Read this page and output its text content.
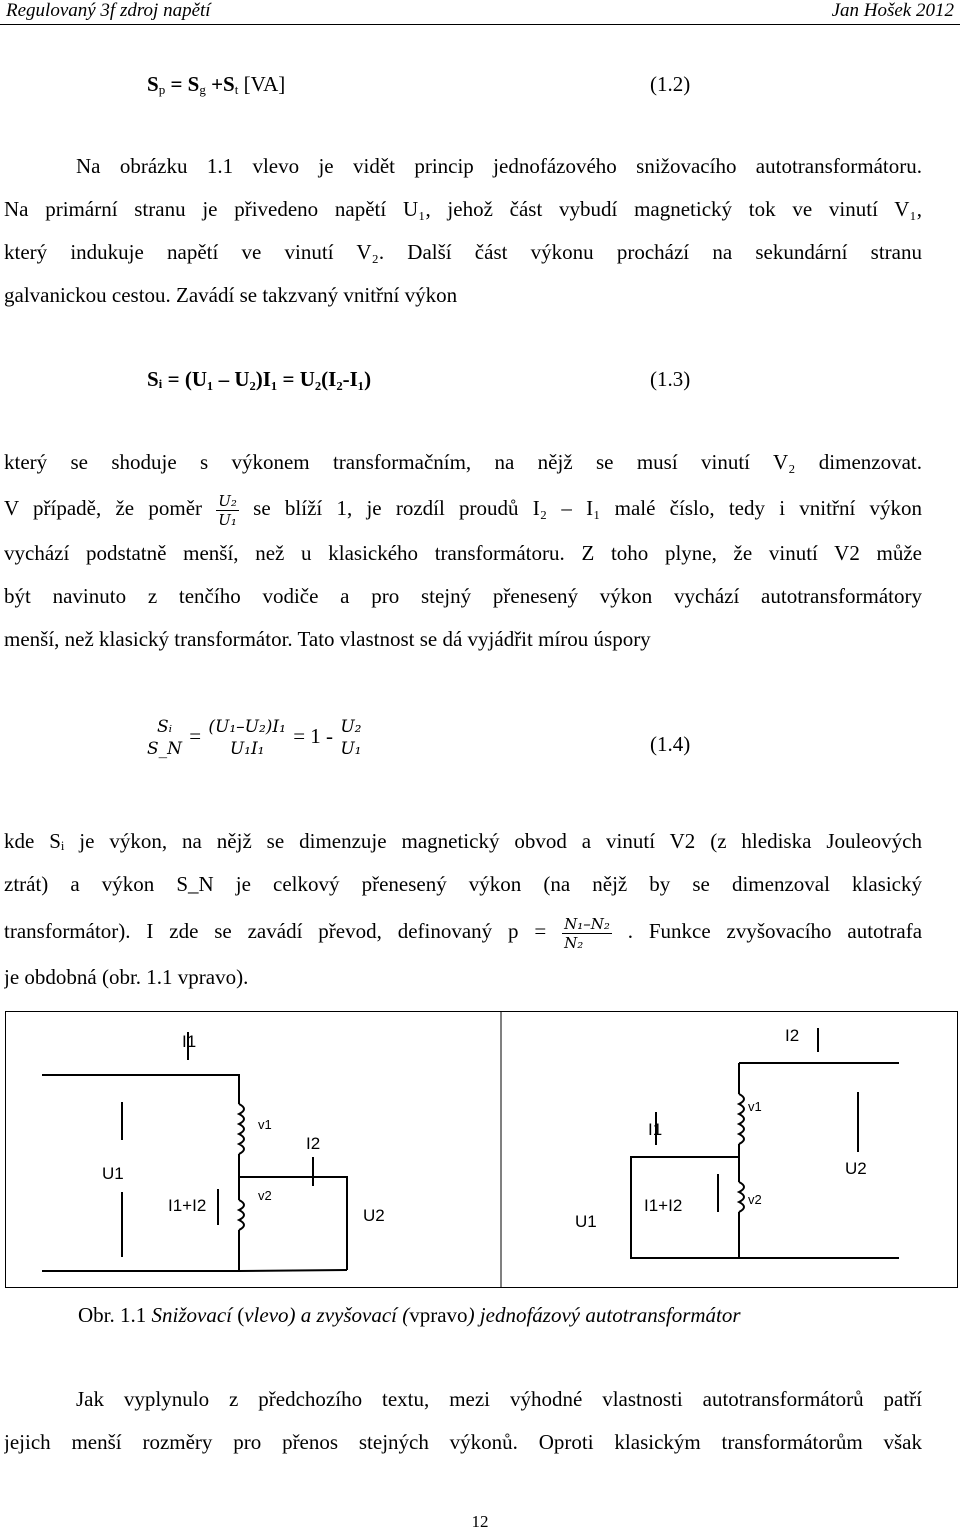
Regulovaný 3f zdroj napětí	Jan Hošek 2012
$S_p = S_g +S_t$ [VA]	(1.2)
Na obrázku 1.1 vlevo je vidět princip jednofázového snižovacího autotransformátoru.
Na primární stranu je přivedeno napětí U₁, jehož část vybudí magnetický tok ve vinutí V₁,
který indukuje napětí ve vinutí V₂. Další část výkonu prochází na sekundární stranu
galvanickou cestou. Zavádí se takzvaný vnitřní výkon
Sᵢ = (U₁ – U₂)I₁ = U₂(I₂-I₁)	(1.3)
který se shoduje s výkonem transformačním, na nějž se musí vinutí V₂ dimenzovat.
V případě, že poměr $\frac{\text{U₂}}{\text{U₁}}$ se blíží 1, je rozdíl proudů I₂ – I₁ malé číslo, tedy i vnitřní výkon
vychází podstatně menší, než u klasického transformátoru. Z toho plyne, že vinutí V2 může
být navinuto z tenčího vodiče a pro stejný přenesený výkon vychází autotransformátory
menší, než klasický transformátor. Tato vlastnost se dá vyjádřit mírou úspory
Sᵢ
S_N
= (U₁–U₂)I₁
U₁I₁
= 1 - U₂
U₁	(1.4)
kde Sᵢ je výkon, na nějž se dimenzuje magnetický obvod a vinutí V2 (z hlediska Jouleových
ztrát) a výkon S_N je celkový přenesený výkon (na nějž by se dimenzoval klasický
transformátor). I zde se zavádí převod, definovaný $p = \frac{\text{N₁–N₂}}{\text{N₂}}$ . Funkce zvyšovacího autotrafa
je obdobná (obr. 1.1 vpravo).
I1
v1
I2
U1
I1+I2
v2
U2
I2
v1
I1
U2
I1+I2	v2
U1
Obr. 1.1 Snižovací (vlevo) a zvyšovací (vpravo) jednofázový autotransformátor
Jak vyplynulo z předchozího textu, mezi výhodné vlastnosti autotransformátorů patří
jejich menší rozměry pro přenos stejných výkonů. Oproti klasickým transformátorům však
12
